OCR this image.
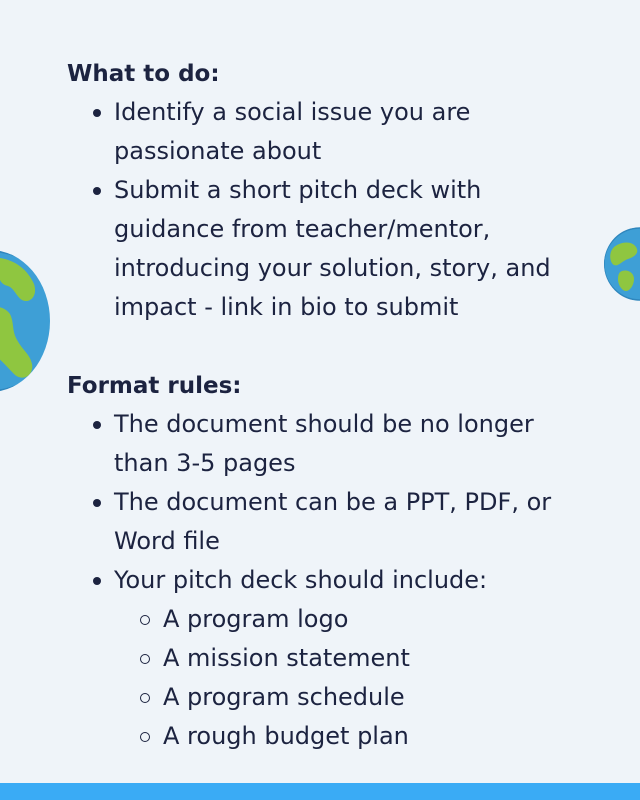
What to do:
Identify a social issue you are passionate about
Submit a short pitch deck with guidance from teacher/mentor, introducing your solution, story, and impact - link in bio to submit
Format rules:
The document should be no longer than 3-5 pages
The document can be a PPT, PDF, or Word file
Your pitch deck should include:
A program logo
A mission statement
A program schedule
A rough budget plan
